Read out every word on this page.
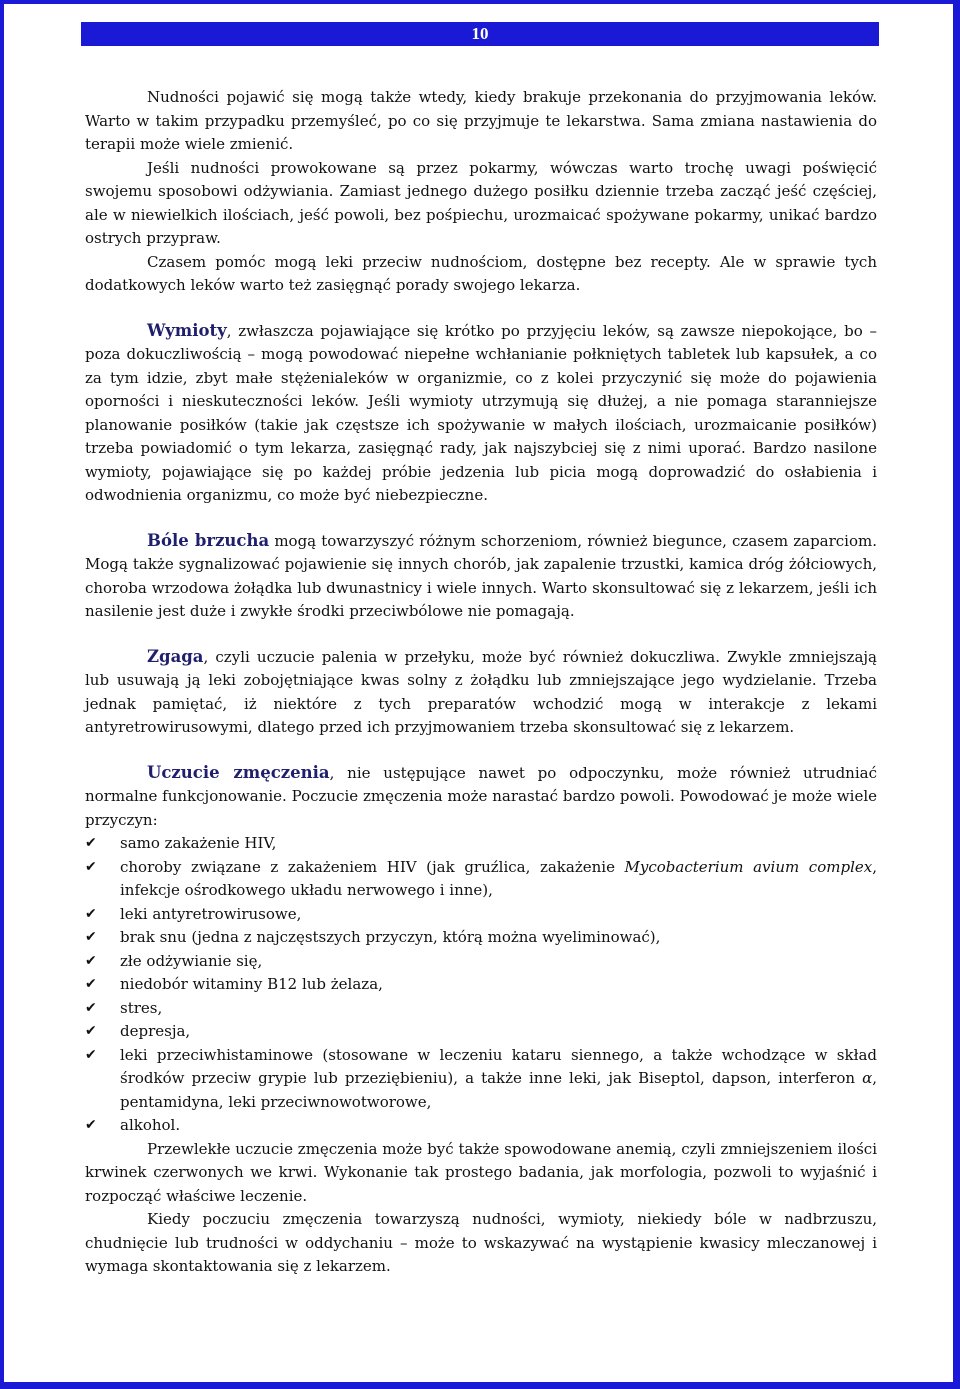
10

Nudności pojawić się mogą także wtedy, kiedy brakuje przekonania do przyjmowania leków. Warto w takim przypadku przemyśleć, po co się przyjmuje te lekarstwa. Sama zmiana nastawienia do terapii może wiele zmienić.

Jeśli nudności prowokowane są przez pokarmy, wówczas warto trochę uwagi poświęcić swojemu sposobowi odżywiania. Zamiast jednego dużego posiłku dziennie trzeba zacząć jeść częściej, ale w niewielkich ilościach, jeść powoli, bez pośpiechu, urozmaicać spożywane pokarmy, unikać bardzo ostrych przypraw.

Czasem pomóc mogą leki przeciw nudnościom, dostępne bez recepty. Ale w sprawie tych dodatkowych leków warto też zasięgnąć porady swojego lekarza.

Wymioty, zwłaszcza pojawiające się krótko po przyjęciu leków, są zawsze niepokojące, bo – poza dokuczliwością – mogą powodować niepełne wchłanianie połkniętych tabletek lub kapsułek, a co za tym idzie, zbyt małe stężenialeków w organizmie, co z kolei przyczynić się może do pojawienia oporności i nieskuteczności leków. Jeśli wymioty utrzymują się dłużej, a nie pomaga staranniejsze planowanie posiłków (takie jak częstsze ich spożywanie w małych ilościach, urozmaicanie posiłków) trzeba powiadomić o tym lekarza, zasięgnąć rady, jak najszybciej się z nimi uporać. Bardzo nasilone wymioty, pojawiające się po każdej próbie jedzenia lub picia mogą doprowadzić do osłabienia i odwodnienia organizmu, co może być niebezpieczne.

Bóle brzucha mogą towarzyszyć różnym schorzeniom, również biegunce, czasem zaparciom. Mogą także sygnalizować pojawienie się innych chorób, jak zapalenie trzustki, kamica dróg żółciowych, choroba wrzodowa żołądka lub dwunastnicy i wiele innych. Warto skonsultować się z lekarzem, jeśli ich nasilenie jest duże i zwykłe środki przeciwbólowe nie pomagają.

Zgaga, czyli uczucie palenia w przełyku, może być również dokuczliwa. Zwykle zmniejszają lub usuwają ją leki zobojętniające kwas solny z żołądku lub zmniejszające jego wydzielanie. Trzeba jednak pamiętać, iż niektóre z tych preparatów wchodzić mogą w interakcje z lekami antyretrowirusowymi, dlatego przed ich przyjmowaniem trzeba skonsultować się z lekarzem.

Uczucie zmęczenia, nie ustępujące nawet po odpoczynku, może również utrudniać normalne funkcjonowanie. Poczucie zmęczenia może narastać bardzo powoli. Powodować je może wiele przyczyn:

✔ samo zakażenie HIV,
✔ choroby związane z zakażeniem HIV (jak gruźlica, zakażenie Mycobacterium avium complex, infekcje ośrodkowego układu nerwowego i inne),
✔ leki antyretrowirusowe,
✔ brak snu (jedna z najczęstszych przyczyn, którą można wyeliminować),
✔ złe odżywianie się,
✔ niedobór witaminy B12 lub żelaza,
✔ stres,
✔ depresja,
✔ leki przeciwhistaminowe (stosowane w leczeniu kataru siennego, a także wchodzące w skład środków przeciw grypie lub przeziębieniu), a także inne leki, jak Biseptol, dapson, interferon α, pentamidyna, leki przeciwnowotworowe,
✔ alkohol.

Przewlekłe uczucie zmęczenia może być także spowodowane anemią, czyli zmniejszeniem ilości krwinek czerwonych we krwi. Wykonanie tak prostego badania, jak morfologia, pozwoli to wyjaśnić i rozpocząć właściwe leczenie.

Kiedy poczuciu zmęczenia towarzyszą nudności, wymioty, niekiedy bóle w nadbrzuszu, chudnięcie lub trudności w oddychaniu – może to wskazywać na wystąpienie kwasicy mleczanowej i wymaga skontaktowania się z lekarzem.
